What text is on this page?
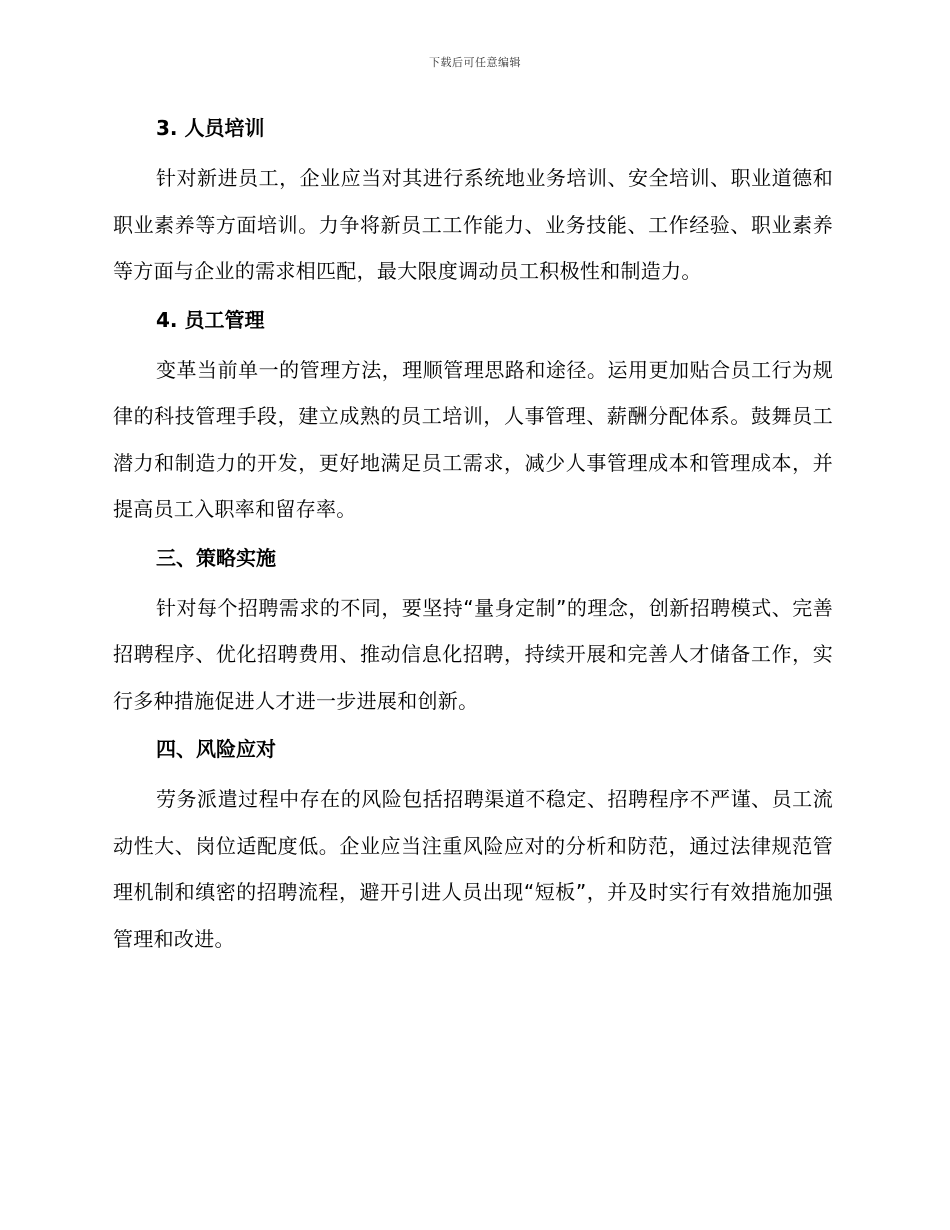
下载后可任意编辑
3. 人员培训

针对新进员工，企业应当对其进行系统地业务培训、安全培训、职业道德和职业素养等方面培训。力争将新员工工作能力、业务技能、工作经验、职业素养等方面与企业的需求相匹配，最大限度调动员工积极性和制造力。

4. 员工管理

变革当前单一的管理方法，理顺管理思路和途径。运用更加贴合员工行为规律的科技管理手段，建立成熟的员工培训，人事管理、薪酬分配体系。鼓舞员工潜力和制造力的开发，更好地满足员工需求，减少人事管理成本和管理成本，并提高员工入职率和留存率。

三、策略实施

针对每个招聘需求的不同，要坚持“量身定制”的理念，创新招聘模式、完善招聘程序、优化招聘费用、推动信息化招聘，持续开展和完善人才储备工作，实行多种措施促进人才进一步进展和创新。

四、风险应对

劳务派遣过程中存在的风险包括招聘渠道不稳定、招聘程序不严谨、员工流动性大、岗位适配度低。企业应当注重风险应对的分析和防范，通过法律规范管理机制和缜密的招聘流程，避开引进人员出现“短板”，并及时实行有效措施加强管理和改进。
